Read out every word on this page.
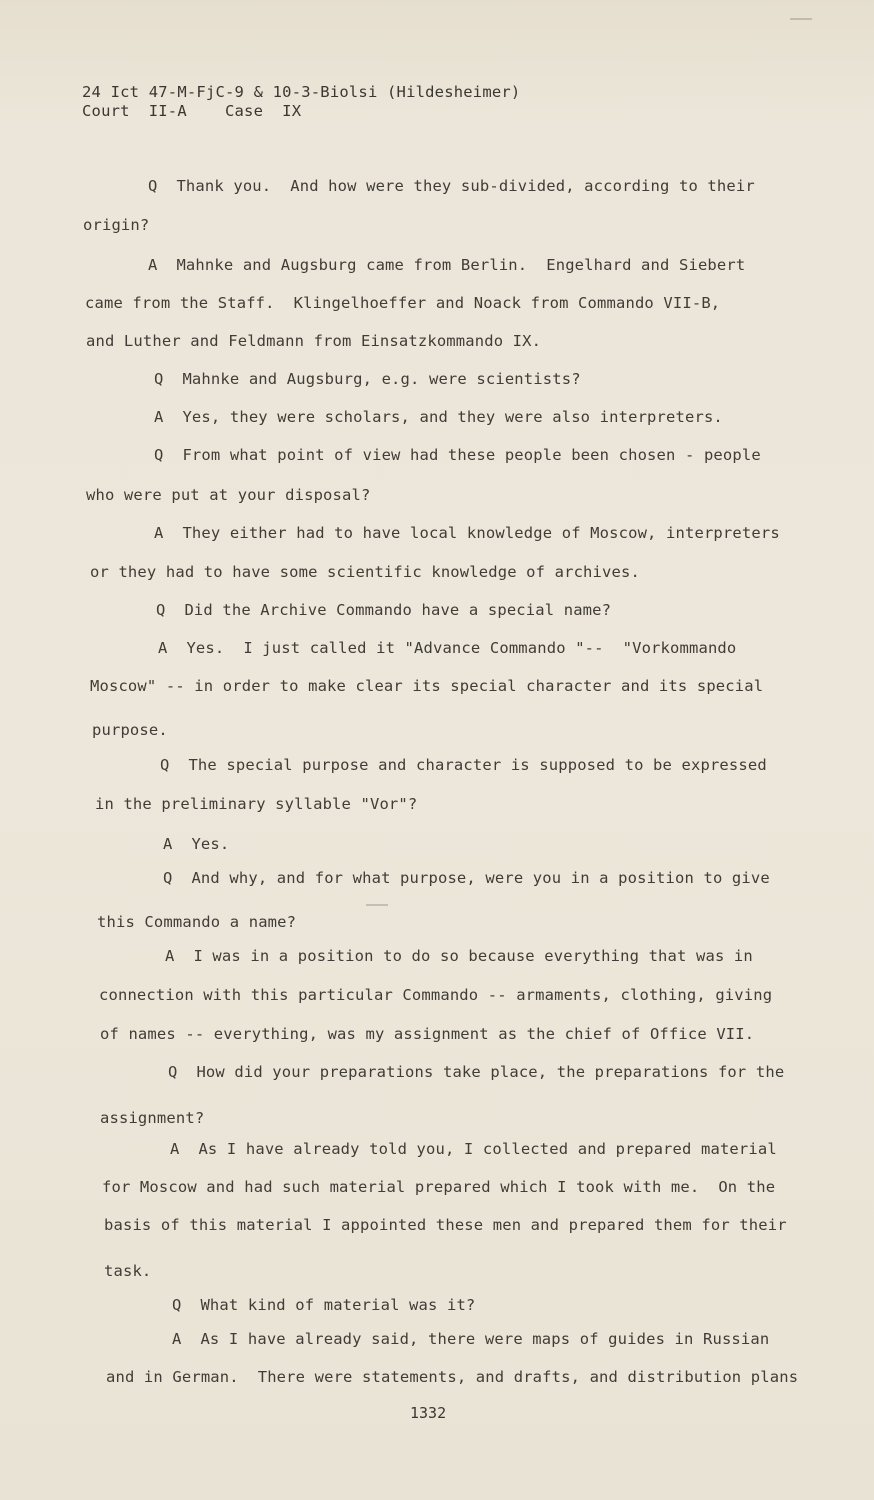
24 Ict 47-M-FjC-9 & 10-3-Biolsi (Hildesheimer)
Court  II-A    Case  IX
Q  Thank you.  And how were they sub-divided, according to their
origin?
A  Mahnke and Augsburg came from Berlin.  Engelhard and Siebert
came from the Staff.  Klingelhoeffer and Noack from Commando VII-B,
and Luther and Feldmann from Einsatzkommando IX.
Q  Mahnke and Augsburg, e.g. were scientists?
A  Yes, they were scholars, and they were also interpreters.
Q  From what point of view had these people been chosen - people
who were put at your disposal?
A  They either had to have local knowledge of Moscow, interpreters
or they had to have some scientific knowledge of archives.
Q  Did the Archive Commando have a special name?
A  Yes.  I just called it "Advance Commando "--  "Vorkommando
Moscow" -- in order to make clear its special character and its special
purpose.
Q  The special purpose and character is supposed to be expressed
in the preliminary syllable "Vor"?
A  Yes.
Q  And why, and for what purpose, were you in a position to give
this Commando a name?
A  I was in a position to do so because everything that was in
connection with this particular Commando -- armaments, clothing, giving
of names -- everything, was my assignment as the chief of Office VII.
Q  How did your preparations take place, the preparations for the
assignment?
A  As I have already told you, I collected and prepared material
for Moscow and had such material prepared which I took with me.  On the
basis of this material I appointed these men and prepared them for their
task.
Q  What kind of material was it?
A  As I have already said, there were maps of guides in Russian
and in German.  There were statements, and drafts, and distribution plans
1332
